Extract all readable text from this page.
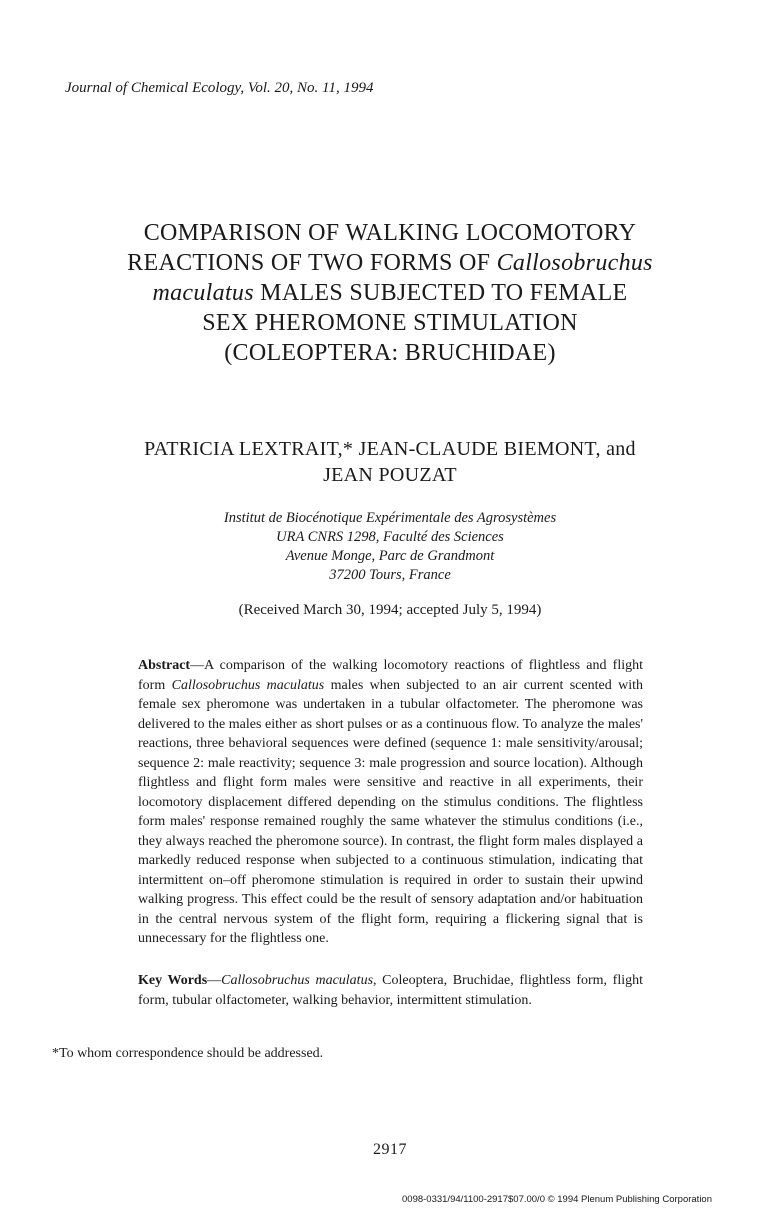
Journal of Chemical Ecology, Vol. 20, No. 11, 1994
COMPARISON OF WALKING LOCOMOTORY
REACTIONS OF TWO FORMS OF Callosobruchus
maculatus MALES SUBJECTED TO FEMALE
SEX PHEROMONE STIMULATION
(COLEOPTERA: BRUCHIDAE)
PATRICIA LEXTRAIT,* JEAN-CLAUDE BIEMONT, and
JEAN POUZAT
Institut de Biocénotique Expérimentale des Agrosystèmes
URA CNRS 1298, Faculté des Sciences
Avenue Monge, Parc de Grandmont
37200 Tours, France
(Received March 30, 1994; accepted July 5, 1994)
Abstract—A comparison of the walking locomotory reactions of flightless and flight form Callosobruchus maculatus males when subjected to an air current scented with female sex pheromone was undertaken in a tubular olfactometer. The pheromone was delivered to the males either as short pulses or as a continuous flow. To analyze the males' reactions, three behavioral sequences were defined (sequence 1: male sensitivity/arousal; sequence 2: male reactivity; sequence 3: male progression and source location). Although flightless and flight form males were sensitive and reactive in all experiments, their locomotory displacement differed depending on the stimulus conditions. The flightless form males' response remained roughly the same whatever the stimulus conditions (i.e., they always reached the pheromone source). In contrast, the flight form males displayed a markedly reduced response when subjected to a continuous stimulation, indicating that intermittent on–off pheromone stimulation is required in order to sustain their upwind walking progress. This effect could be the result of sensory adaptation and/or habituation in the central nervous system of the flight form, requiring a flickering signal that is unnecessary for the flightless one.
Key Words—Callosobruchus maculatus, Coleoptera, Bruchidae, flightless form, flight form, tubular olfactometer, walking behavior, intermittent stimulation.
*To whom correspondence should be addressed.
2917
0098-0331/94/1100-2917$07.00/0 © 1994 Plenum Publishing Corporation
